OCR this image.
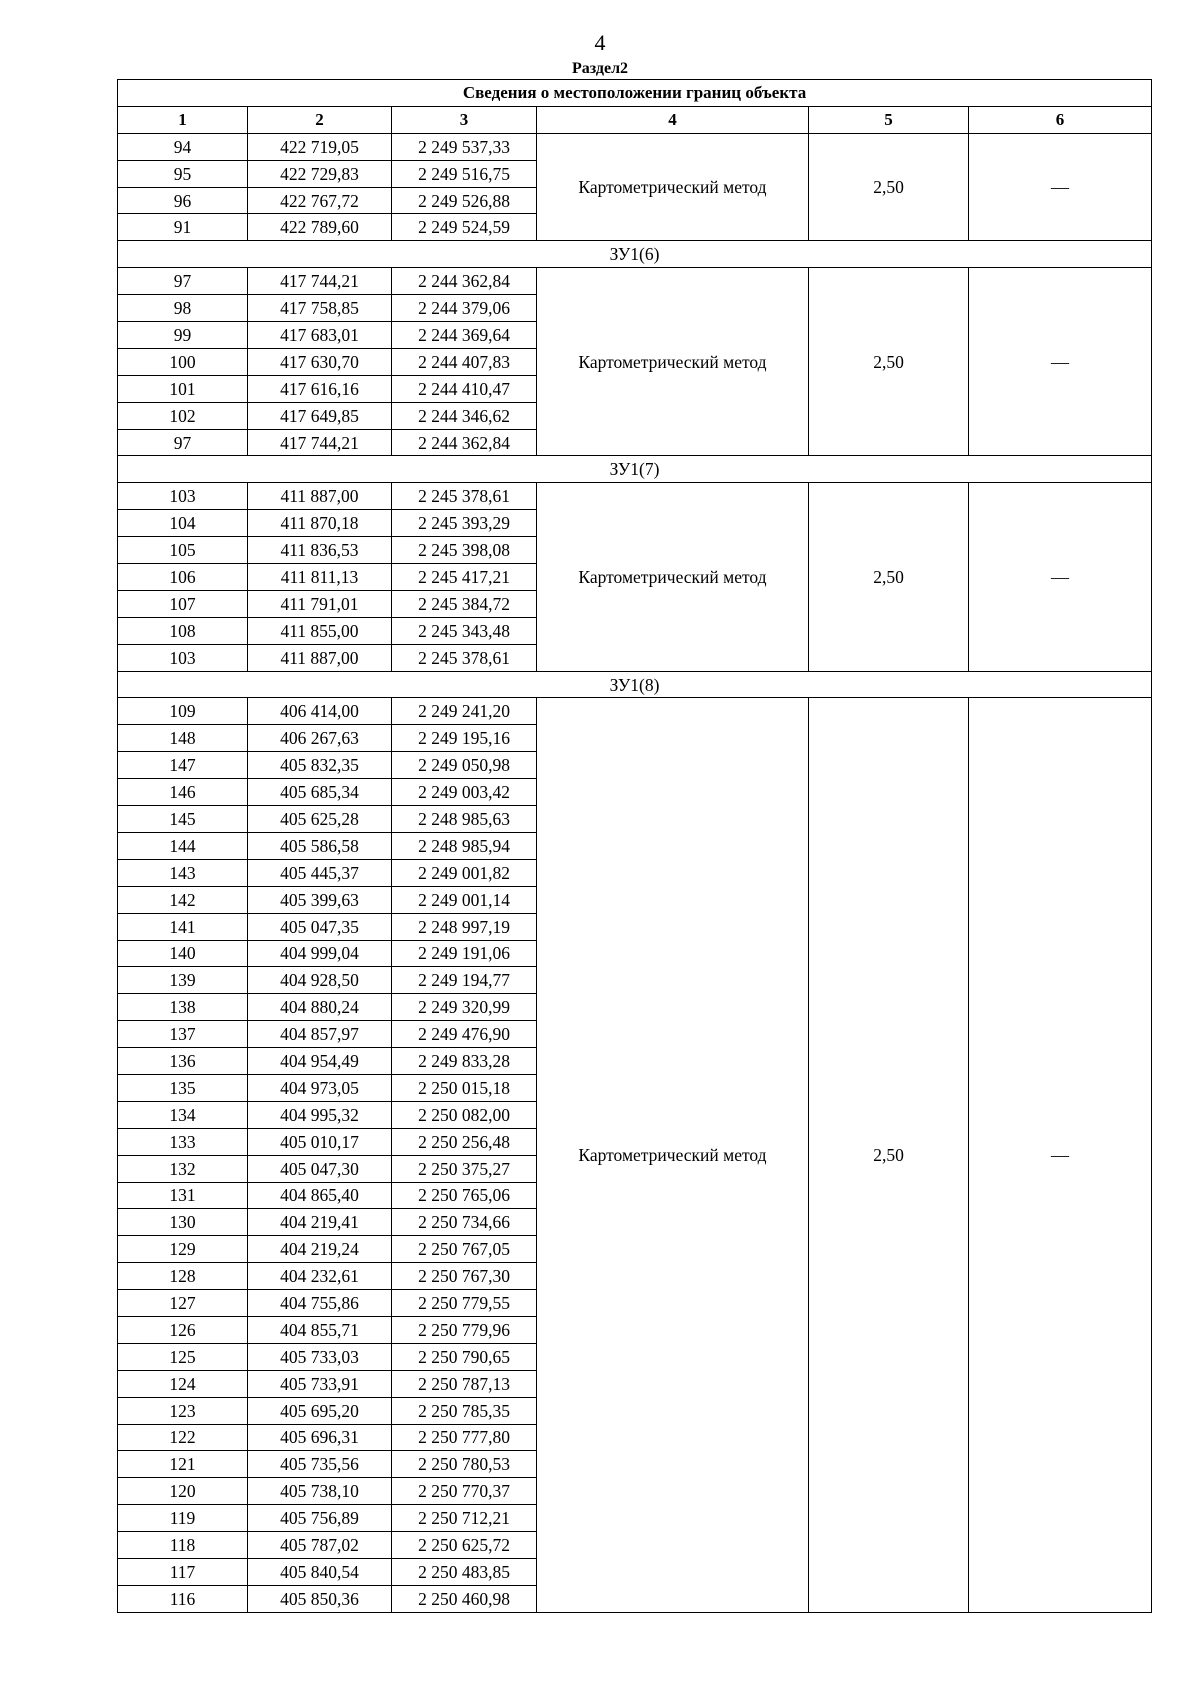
4
Раздел2
Сведения о местоположении границ объекта					
1	2	3	4	5	6
94	422 719,05	2 249 537,33	Картометрический метод	2,50	—
95	422 729,83	2 249 516,75			
96	422 767,72	2 249 526,88			
91	422 789,60	2 249 524,59			
ЗУ1(6)					
97	417 744,21	2 244 362,84	Картометрический метод	2,50	—
98	417 758,85	2 244 379,06			
99	417 683,01	2 244 369,64			
100	417 630,70	2 244 407,83			
101	417 616,16	2 244 410,47			
102	417 649,85	2 244 346,62			
97	417 744,21	2 244 362,84			
ЗУ1(7)					
103	411 887,00	2 245 378,61	Картометрический метод	2,50	—
104	411 870,18	2 245 393,29			
105	411 836,53	2 245 398,08			
106	411 811,13	2 245 417,21			
107	411 791,01	2 245 384,72			
108	411 855,00	2 245 343,48			
103	411 887,00	2 245 378,61			
ЗУ1(8)					
109	406 414,00	2 249 241,20	Картометрический метод	2,50	—
148	406 267,63	2 249 195,16			
147	405 832,35	2 249 050,98			
146	405 685,34	2 249 003,42			
145	405 625,28	2 248 985,63			
144	405 586,58	2 248 985,94			
143	405 445,37	2 249 001,82			
142	405 399,63	2 249 001,14			
141	405 047,35	2 248 997,19			
140	404 999,04	2 249 191,06			
139	404 928,50	2 249 194,77			
138	404 880,24	2 249 320,99			
137	404 857,97	2 249 476,90			
136	404 954,49	2 249 833,28			
135	404 973,05	2 250 015,18			
134	404 995,32	2 250 082,00			
133	405 010,17	2 250 256,48			
132	405 047,30	2 250 375,27			
131	404 865,40	2 250 765,06			
130	404 219,41	2 250 734,66			
129	404 219,24	2 250 767,05			
128	404 232,61	2 250 767,30			
127	404 755,86	2 250 779,55			
126	404 855,71	2 250 779,96			
125	405 733,03	2 250 790,65			
124	405 733,91	2 250 787,13			
123	405 695,20	2 250 785,35			
122	405 696,31	2 250 777,80			
121	405 735,56	2 250 780,53			
120	405 738,10	2 250 770,37			
119	405 756,89	2 250 712,21			
118	405 787,02	2 250 625,72			
117	405 840,54	2 250 483,85			
116	405 850,36	2 250 460,98			
